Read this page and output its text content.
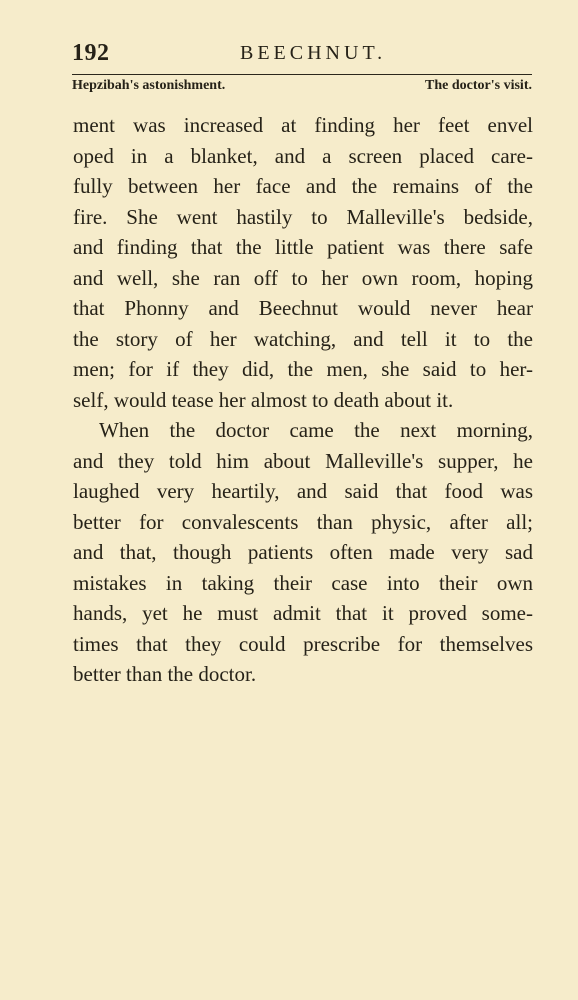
192	BEECHNUT.
Hepzibah's astonishment.	The doctor's visit.
ment was increased at finding her feet envel
oped in a blanket, and a screen placed care-
fully between her face and the remains of the
fire. She went hastily to Malleville's bedside,
and finding that the little patient was there safe
and well, she ran off to her own room, hoping
that Phonny and Beechnut would never hear
the story of her watching, and tell it to the
men; for if they did, the men, she said to her-
self, would tease her almost to death about it.
When the doctor came the next morning,
and they told him about Malleville's supper, he
laughed very heartily, and said that food was
better for convalescents than physic, after all;
and that, though patients often made very sad
mistakes in taking their case into their own
hands, yet he must admit that it proved some-
times that they could prescribe for themselves
better than the doctor.
